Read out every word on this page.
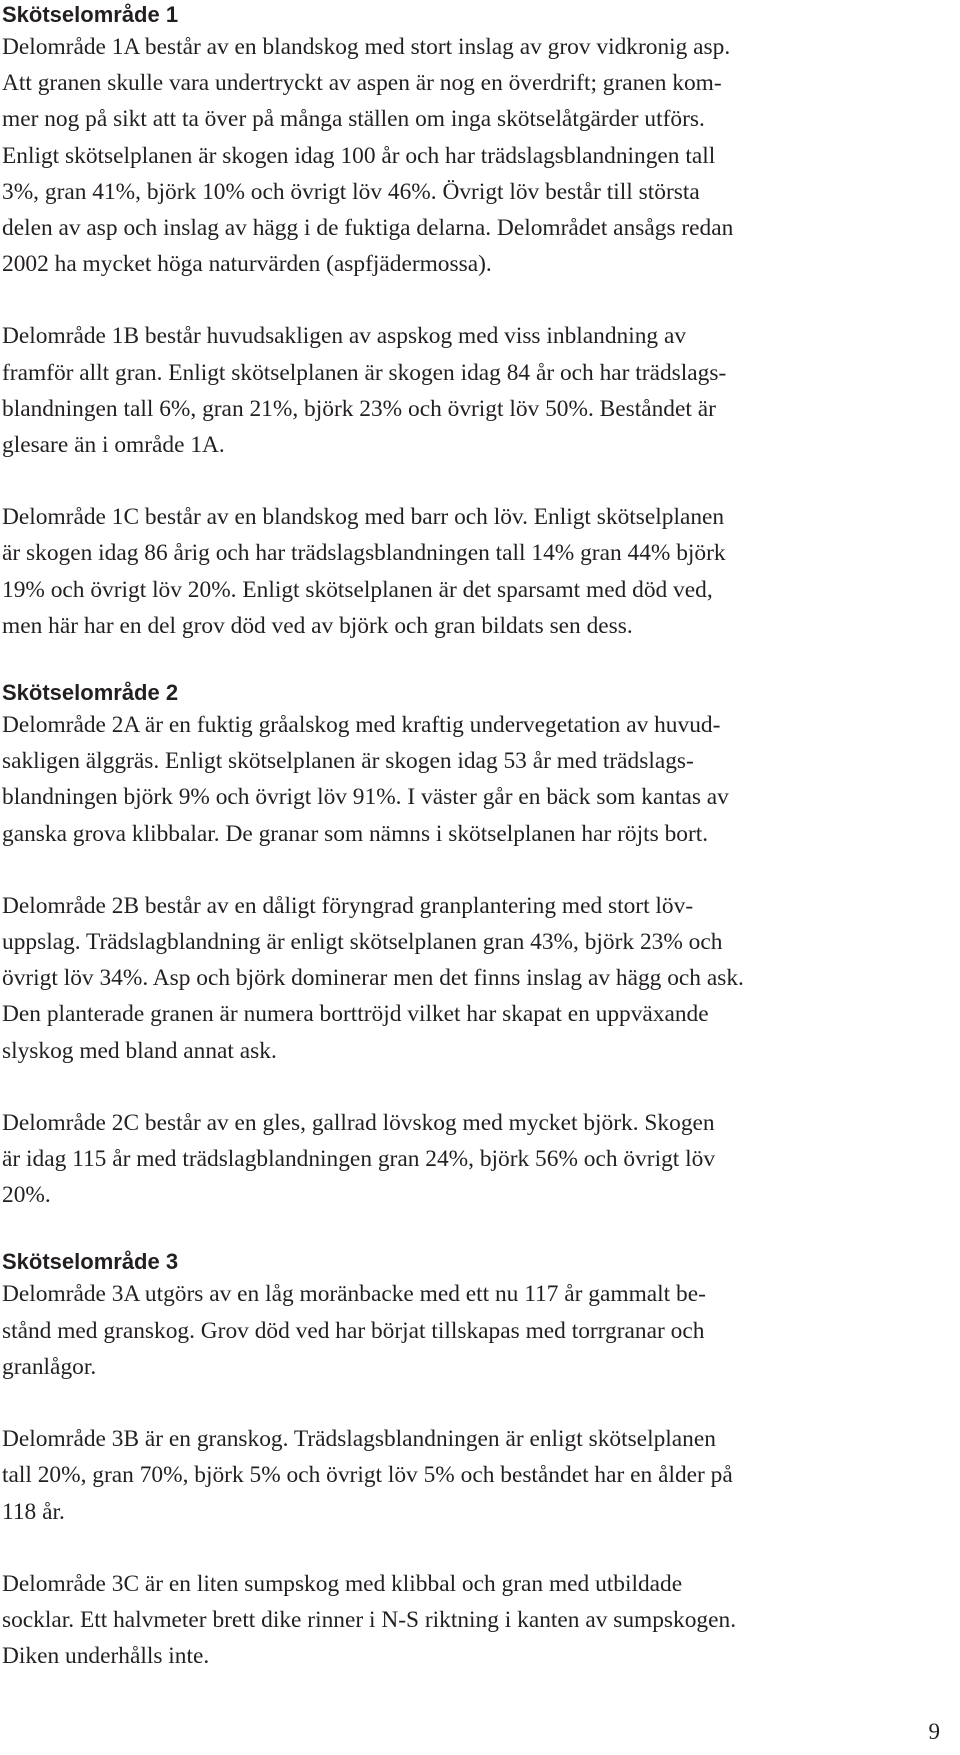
Skötselområde 1

Delområde 1A består av en blandskog med stort inslag av grov vidkronig asp.
Att granen skulle vara undertryckt av aspen är nog en överdrift; granen kom-
mer nog på sikt att ta över på många ställen om inga skötselåtgärder utförs.
Enligt skötselplanen är skogen idag 100 år och har trädslagsblandningen tall
3%, gran 41%, björk 10% och övrigt löv 46%. Övrigt löv består till största
delen av asp och inslag av hägg i de fuktiga delarna. Delområdet ansågs redan
2002 ha mycket höga naturvärden (aspfjädermossa).

Delområde 1B består huvudsakligen av aspskog med viss inblandning av
framför allt gran. Enligt skötselplanen är skogen idag 84 år och har trädslags-
blandningen tall 6%, gran 21%, björk 23% och övrigt löv 50%. Beståndet är
glesare än i område 1A.

Delområde 1C består av en blandskog med barr och löv. Enligt skötselplanen
är skogen idag 86 årig och har trädslagsblandningen tall 14% gran 44% björk
19% och övrigt löv 20%. Enligt skötselplanen är det sparsamt med död ved,
men här har en del grov död ved av björk och gran bildats sen dess.

Skötselområde 2

Delområde 2A är en fuktig gråalskog med kraftig undervegetation av huvud-
sakligen älggräs. Enligt skötselplanen är skogen idag 53 år med trädslags-
blandningen björk 9% och övrigt löv 91%. I väster går en bäck som kantas av
ganska grova klibbalar. De granar som nämns i skötselplanen har röjts bort.

Delområde 2B består av en dåligt föryngrad granplantering med stort löv-
uppslag. Trädslagblandning är enligt skötselplanen gran 43%, björk 23% och
övrigt löv 34%. Asp och björk dominerar men det finns inslag av hägg och ask.
Den planterade granen är numera borttröjd vilket har skapat en uppväxande
slyskog med bland annat ask.

Delområde 2C består av en gles, gallrad lövskog med mycket björk. Skogen
är idag 115 år med trädslagblandningen gran 24%, björk 56% och övrigt löv
20%.

Skötselområde 3

Delområde 3A utgörs av en låg moränbacke med ett nu 117 år gammalt be-
stånd med granskog. Grov död ved har börjat tillskapas med torrgranar och
granlågor.

Delområde 3B är en granskog. Trädslagsblandningen är enligt skötselplanen
tall 20%, gran 70%, björk 5% och övrigt löv 5% och beståndet har en ålder på
118 år.

Delområde 3C är en liten sumpskog med klibbal och gran med utbildade
socklar. Ett halvmeter brett dike rinner i N-S riktning i kanten av sumpskogen.
Diken underhålls inte.

9
